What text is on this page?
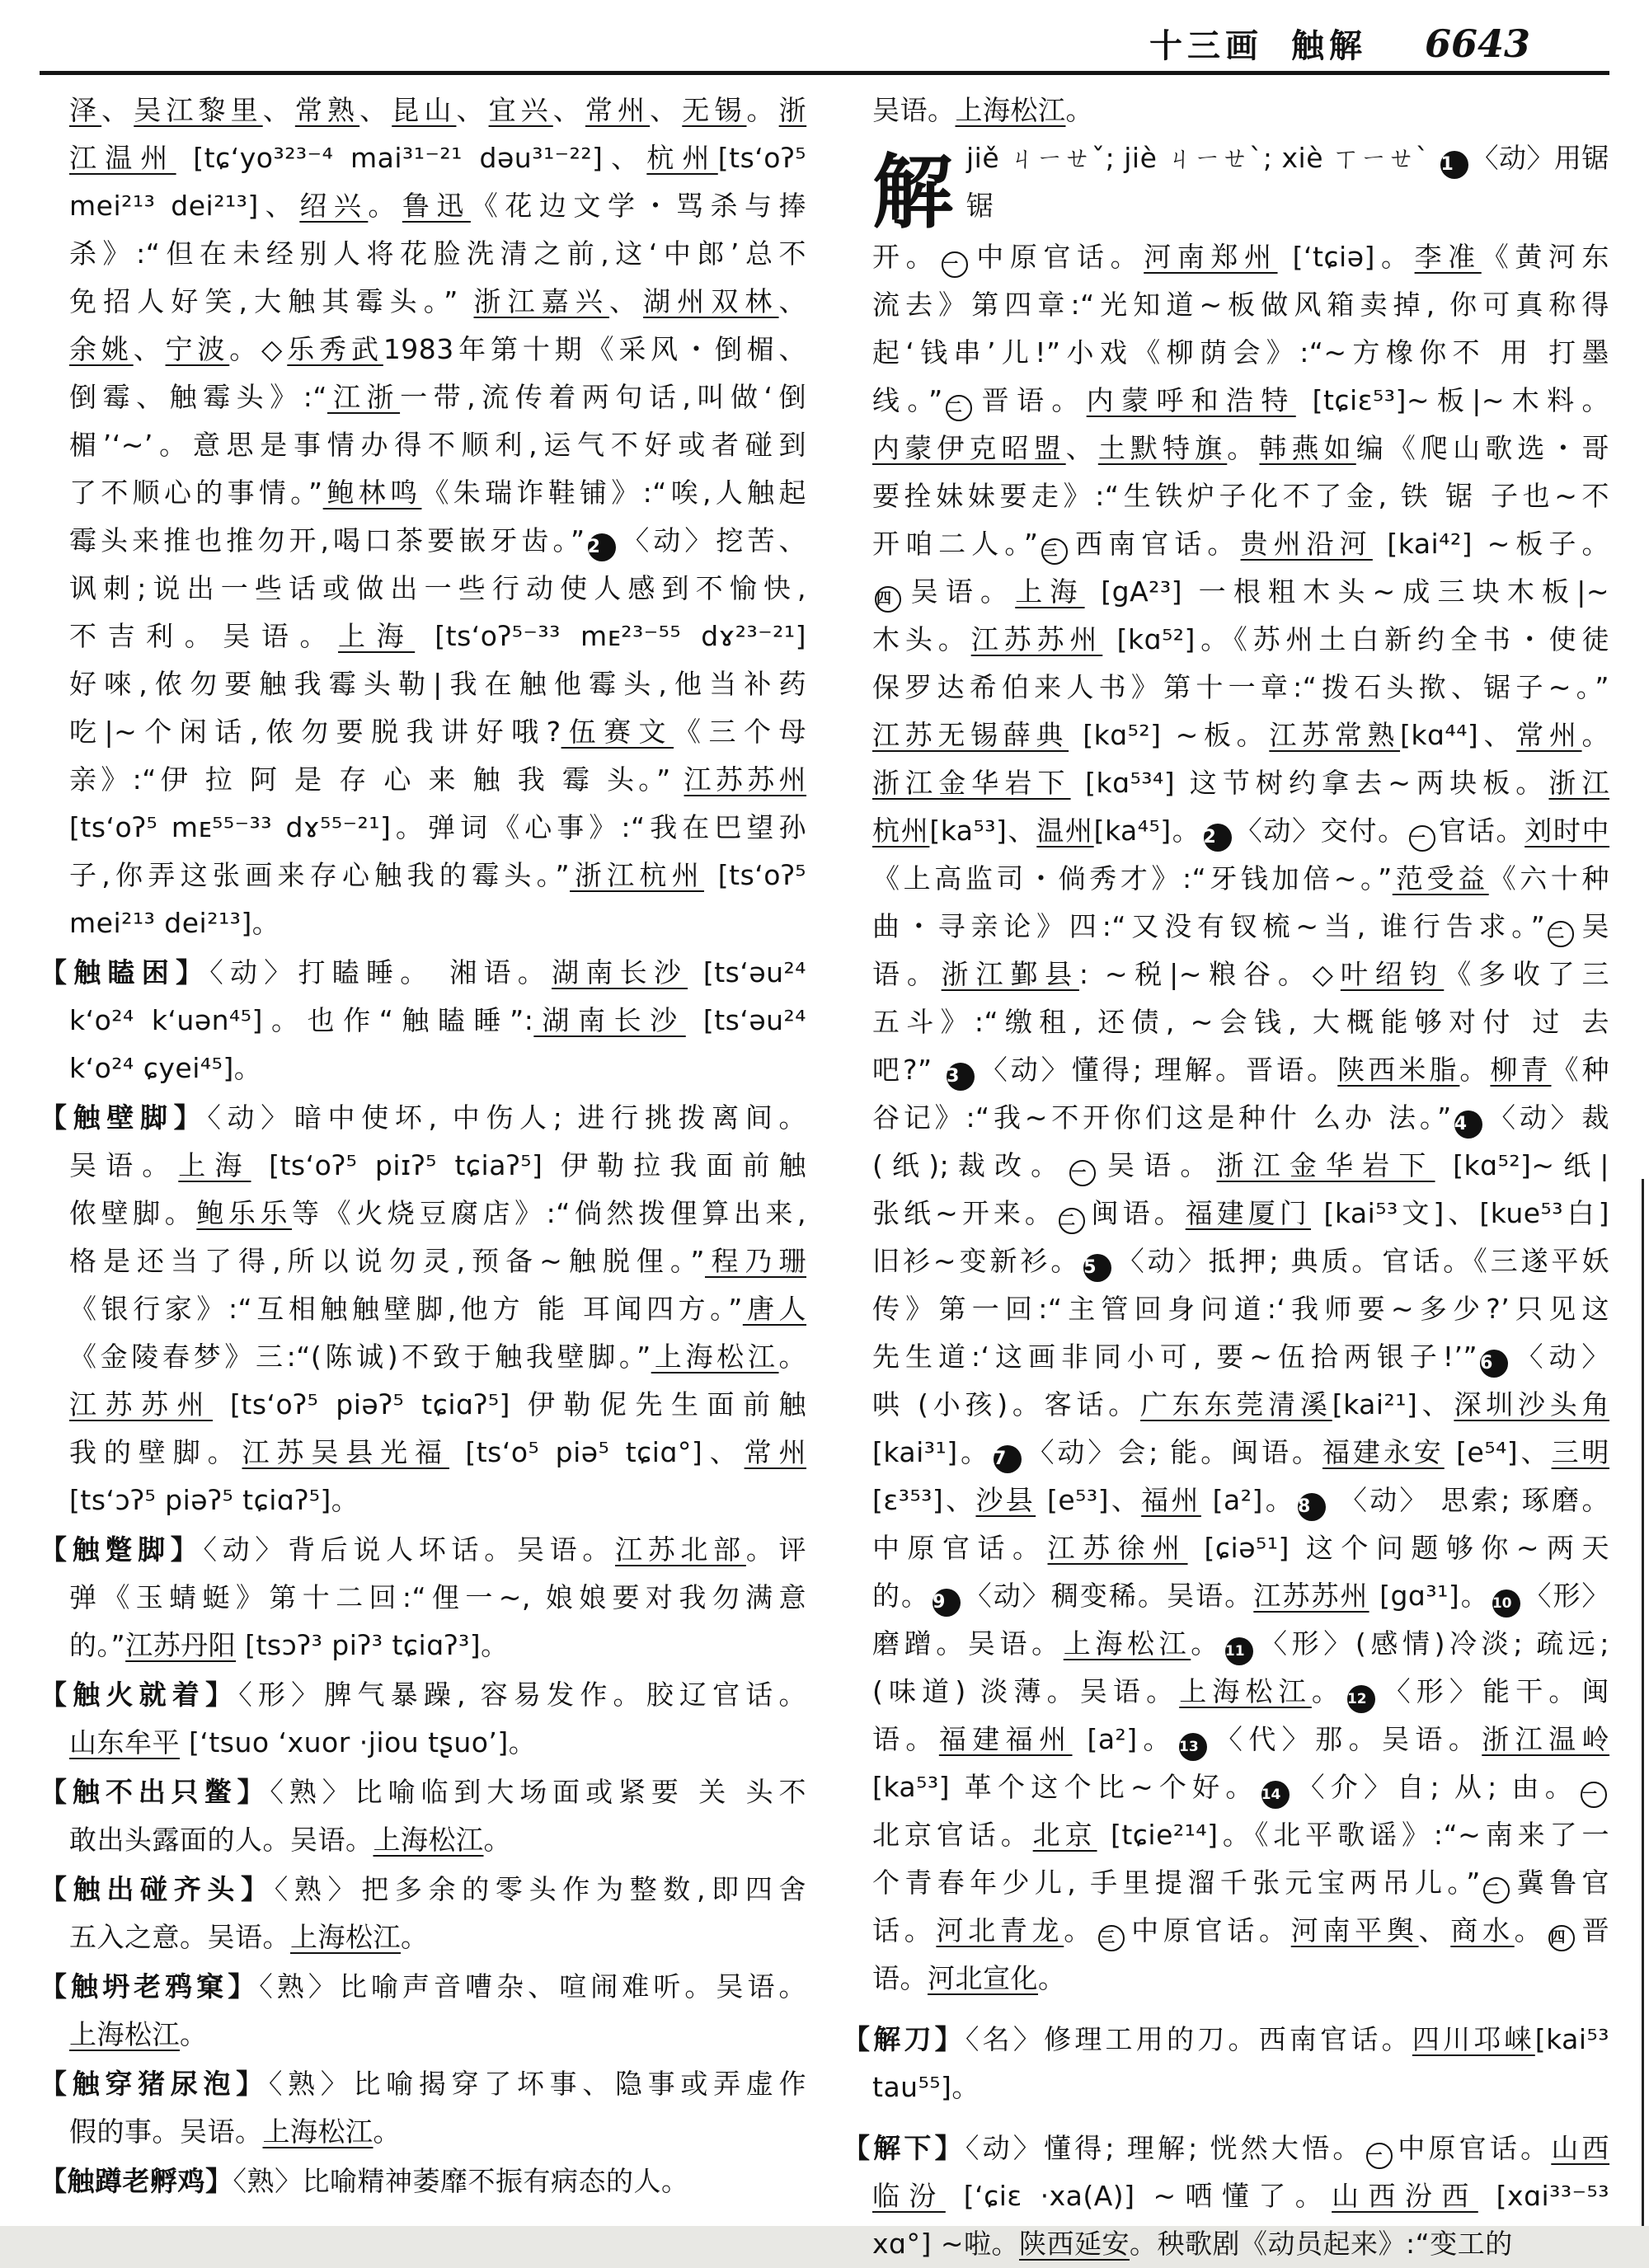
十三画 触解 6643
泽、吴江黎里、常熟、昆山、宜兴、常州、无锡。浙
江温州 [tɕʻyo³²³⁻⁴ mai³¹⁻²¹ dəu³¹⁻²²]、杭州[tsʻoʔ⁵
mei²¹³ dei²¹³]、绍兴。鲁迅《花边文学・骂杀与捧
杀》:“但在未经别人将花脸洗清之前,这‘中郎’总不
免招人好笑,大触其霉头。” 浙江嘉兴、湖州双林、
余姚、宁波。◇乐秀武1983年第十期《采风・倒楣、
倒霉、触霉头》:“江浙一带,流传着两句话,叫做‘倒
楣’‘~’。意思是事情办得不顺利,运气不好或者碰到
了不顺心的事情。”鲍林鸣《朱瑞诈鞋铺》:“唉,人触起
霉头来推也推勿开,喝口茶要嵌牙齿。” 2 〈动〉挖苦、
讽刺;说出一些话或做出一些行动使人感到不愉快,
不吉利。吴语。上海 [tsʻoʔ⁵⁻³³ mᴇ²³⁻⁵⁵ dɤ²³⁻²¹]
好唻,侬勿要触我霉头勒|我在触他霉头,他当补药
吃|~个闲话,侬勿要脱我讲好哦?伍赛文《三个母
亲》:“伊 拉 阿 是 存 心 来 触 我 霉 头。” 江苏苏州
[tsʻoʔ⁵ mᴇ⁵⁵⁻³³ dɤ⁵⁵⁻²¹]。弹词《心事》:“我在巴望孙
子,你弄这张画来存心触我的霉头。”浙江杭州 [tsʻoʔ⁵
mei²¹³ dei²¹³]。
【触瞌困】〈动〉打瞌睡。 湘语。湖南长沙 [tsʻəu²⁴
kʻo²⁴ kʻuən⁴⁵]。也作“触瞌睡”:湖南长沙 [tsʻəu²⁴
kʻo²⁴ ɕyei⁴⁵]。
【触壁脚】〈动〉暗中使坏, 中伤人; 进行挑拨离间。
吴语。上海 [tsʻoʔ⁵ piɪʔ⁵ tɕiaʔ⁵] 伊勒拉我面前触
侬壁脚。鲍乐乐等《火烧豆腐店》:“倘然拨俚算出来,
格是还当了得,所以说勿灵,预备~触脱俚。”程乃珊
《银行家》:“互相触触壁脚,他方 能 耳闻四方。”唐人
《金陵春梦》三:“(陈诚)不致于触我壁脚。”上海松江。
江苏苏州 [tsʻoʔ⁵ piəʔ⁵ tɕiɑʔ⁵] 伊勒伲先生面前触
我的壁脚。江苏吴县光福 [tsʻo⁵ piə⁵ tɕiɑ°]、常州
[tsʻɔʔ⁵ piəʔ⁵ tɕiɑʔ⁵]。
【触蹩脚】〈动〉背后说人坏话。吴语。江苏北部。评
弹《玉蜻蜓》第十二回:“俚一~, 娘娘要对我勿满意
的。”江苏丹阳 [tsɔʔ³ piʔ³ tɕiɑʔ³]。
【触火就着】〈形〉脾气暴躁, 容易发作。胶辽官话。
山东牟平 [ʻtsuo ʻxuor ·jiou tʂuoʼ]。
【触不出只鳖】〈熟〉比喻临到大场面或紧要 关 头不
敢出头露面的人。吴语。上海松江。
【触出碰齐头】〈熟〉把多余的零头作为整数,即四舍
五入之意。吴语。上海松江。
【触坍老鸦窠】〈熟〉比喻声音嘈杂、喧闹难听。吴语。
上海松江。
【触穿猪尿泡】〈熟〉比喻揭穿了坏事、隐事或弄虚作
假的事。吴语。上海松江。
【触蹲老孵鸡】〈熟〉比喻精神萎靡不振有病态的人。
吴语。上海松江。
解 jiě ㄐㄧㄝˇ; jiè ㄐㄧㄝˋ; xiè ㄒㄧㄝˋ 1 〈动〉用锯锯
开。 一 中原官话。河南郑州 [ʻtɕiə]。李准《黄河东
流去》第四章:“光知道~板做风箱卖掉, 你可真称得
起‘钱串’儿!”小戏《柳荫会》:“~方橡你不 用 打墨
线。” 二 晋语。内蒙呼和浩特 [tɕiɛ⁵³]~板|~木料。
内蒙伊克昭盟、土默特旗。韩燕如编《爬山歌选・哥
要拴妹妹要走》:“生铁炉子化不了金, 铁 锯 子也~不
开咱二人。” 三 西南官话。贵州沿河 [kai⁴²] ~板子。
四 吴语。上海 [gA²³] 一根粗木头~成三块木板|~
木头。江苏苏州 [kɑ⁵²]。《苏州土白新约全书・使徒
保罗达希伯来人书》第十一章:“拨石头揿、锯子~。”
江苏无锡薛典 [kɑ⁵²] ~板。江苏常熟[kɑ⁴⁴]、常州。
浙江金华岩下 [kɑ⁵³⁴] 这节树约拿去~两块板。浙江
杭州[ka⁵³]、温州[ka⁴⁵]。 2 〈动〉交付。 一 官话。刘时中
《上高监司・倘秀才》:“牙钱加倍~。”范受益《六十种
曲・寻亲论》四:“又没有钗梳~当, 谁行告求。” 二 吴
语。浙江鄞县: ~税|~粮谷。◇叶绍钧《多收了三
五斗》:“缴租, 还债, ~会钱, 大概能够对付 过 去
吧?” 3 〈动〉懂得; 理解。晋语。陕西米脂。柳青《种
谷记》:“我~不开你们这是种什 么办 法。” 4 〈动〉裁
(纸);裁改。 一 吴语。浙江金华岩下 [kɑ⁵²]~纸|
张纸~开来。 二 闽语。福建厦门 [kai⁵³文]、[kue⁵³白]
旧衫~变新衫。 5 〈动〉抵押; 典质。官话。《三遂平妖
传》第一回:“主管回身问道:‘我师要~多少?’只见这
先生道:‘这画非同小可, 要~伍拾两银子!’” 6 〈动〉
哄 (小孩)。客话。广东东莞清溪[kai²¹]、深圳沙头角
[kai³¹]。 7 〈动〉会; 能。闽语。福建永安 [e⁵⁴]、三明
[ɛ³⁵³]、沙县 [e⁵³]、福州 [a²]。 8 〈动〉 思索; 琢磨。
中原官话。江苏徐州 [ɕiə⁵¹] 这个问题够你~两天
的。 9 〈动〉稠变稀。吴语。江苏苏州 [gɑ³¹]。 10 〈形〉
磨蹭。吴语。上海松江。 11 〈形〉(感情)冷淡; 疏远;
(味道) 淡薄。吴语。上海松江。 12 〈形〉能干。闽
语。福建福州 [a²]。 13 〈代〉那。吴语。浙江温岭
[ka⁵³] 革个这个比~个好。 14 〈介〉自; 从; 由。 一
北京官话。北京 [tɕie²¹⁴]。《北平歌谣》:“~南来了一
个青春年少儿, 手里提溜千张元宝两吊儿。” 二 冀鲁官
话。河北青龙。 三 中原官话。河南平舆、商水。 四 晋
语。河北宣化。
【解刀】〈名〉修理工用的刀。西南官话。四川邛崃[kai⁵³
tau⁵⁵]。
【解下】〈动〉懂得; 理解; 恍然大悟。 一 中原官话。山西
临汾 [ʻɕiɛ ·xa(A)] ~哂懂了。山西汾西 [xɑi³³⁻⁵³
xɑ°] ~啦。陕西延安。秧歌剧《动员起来》:“变工的
